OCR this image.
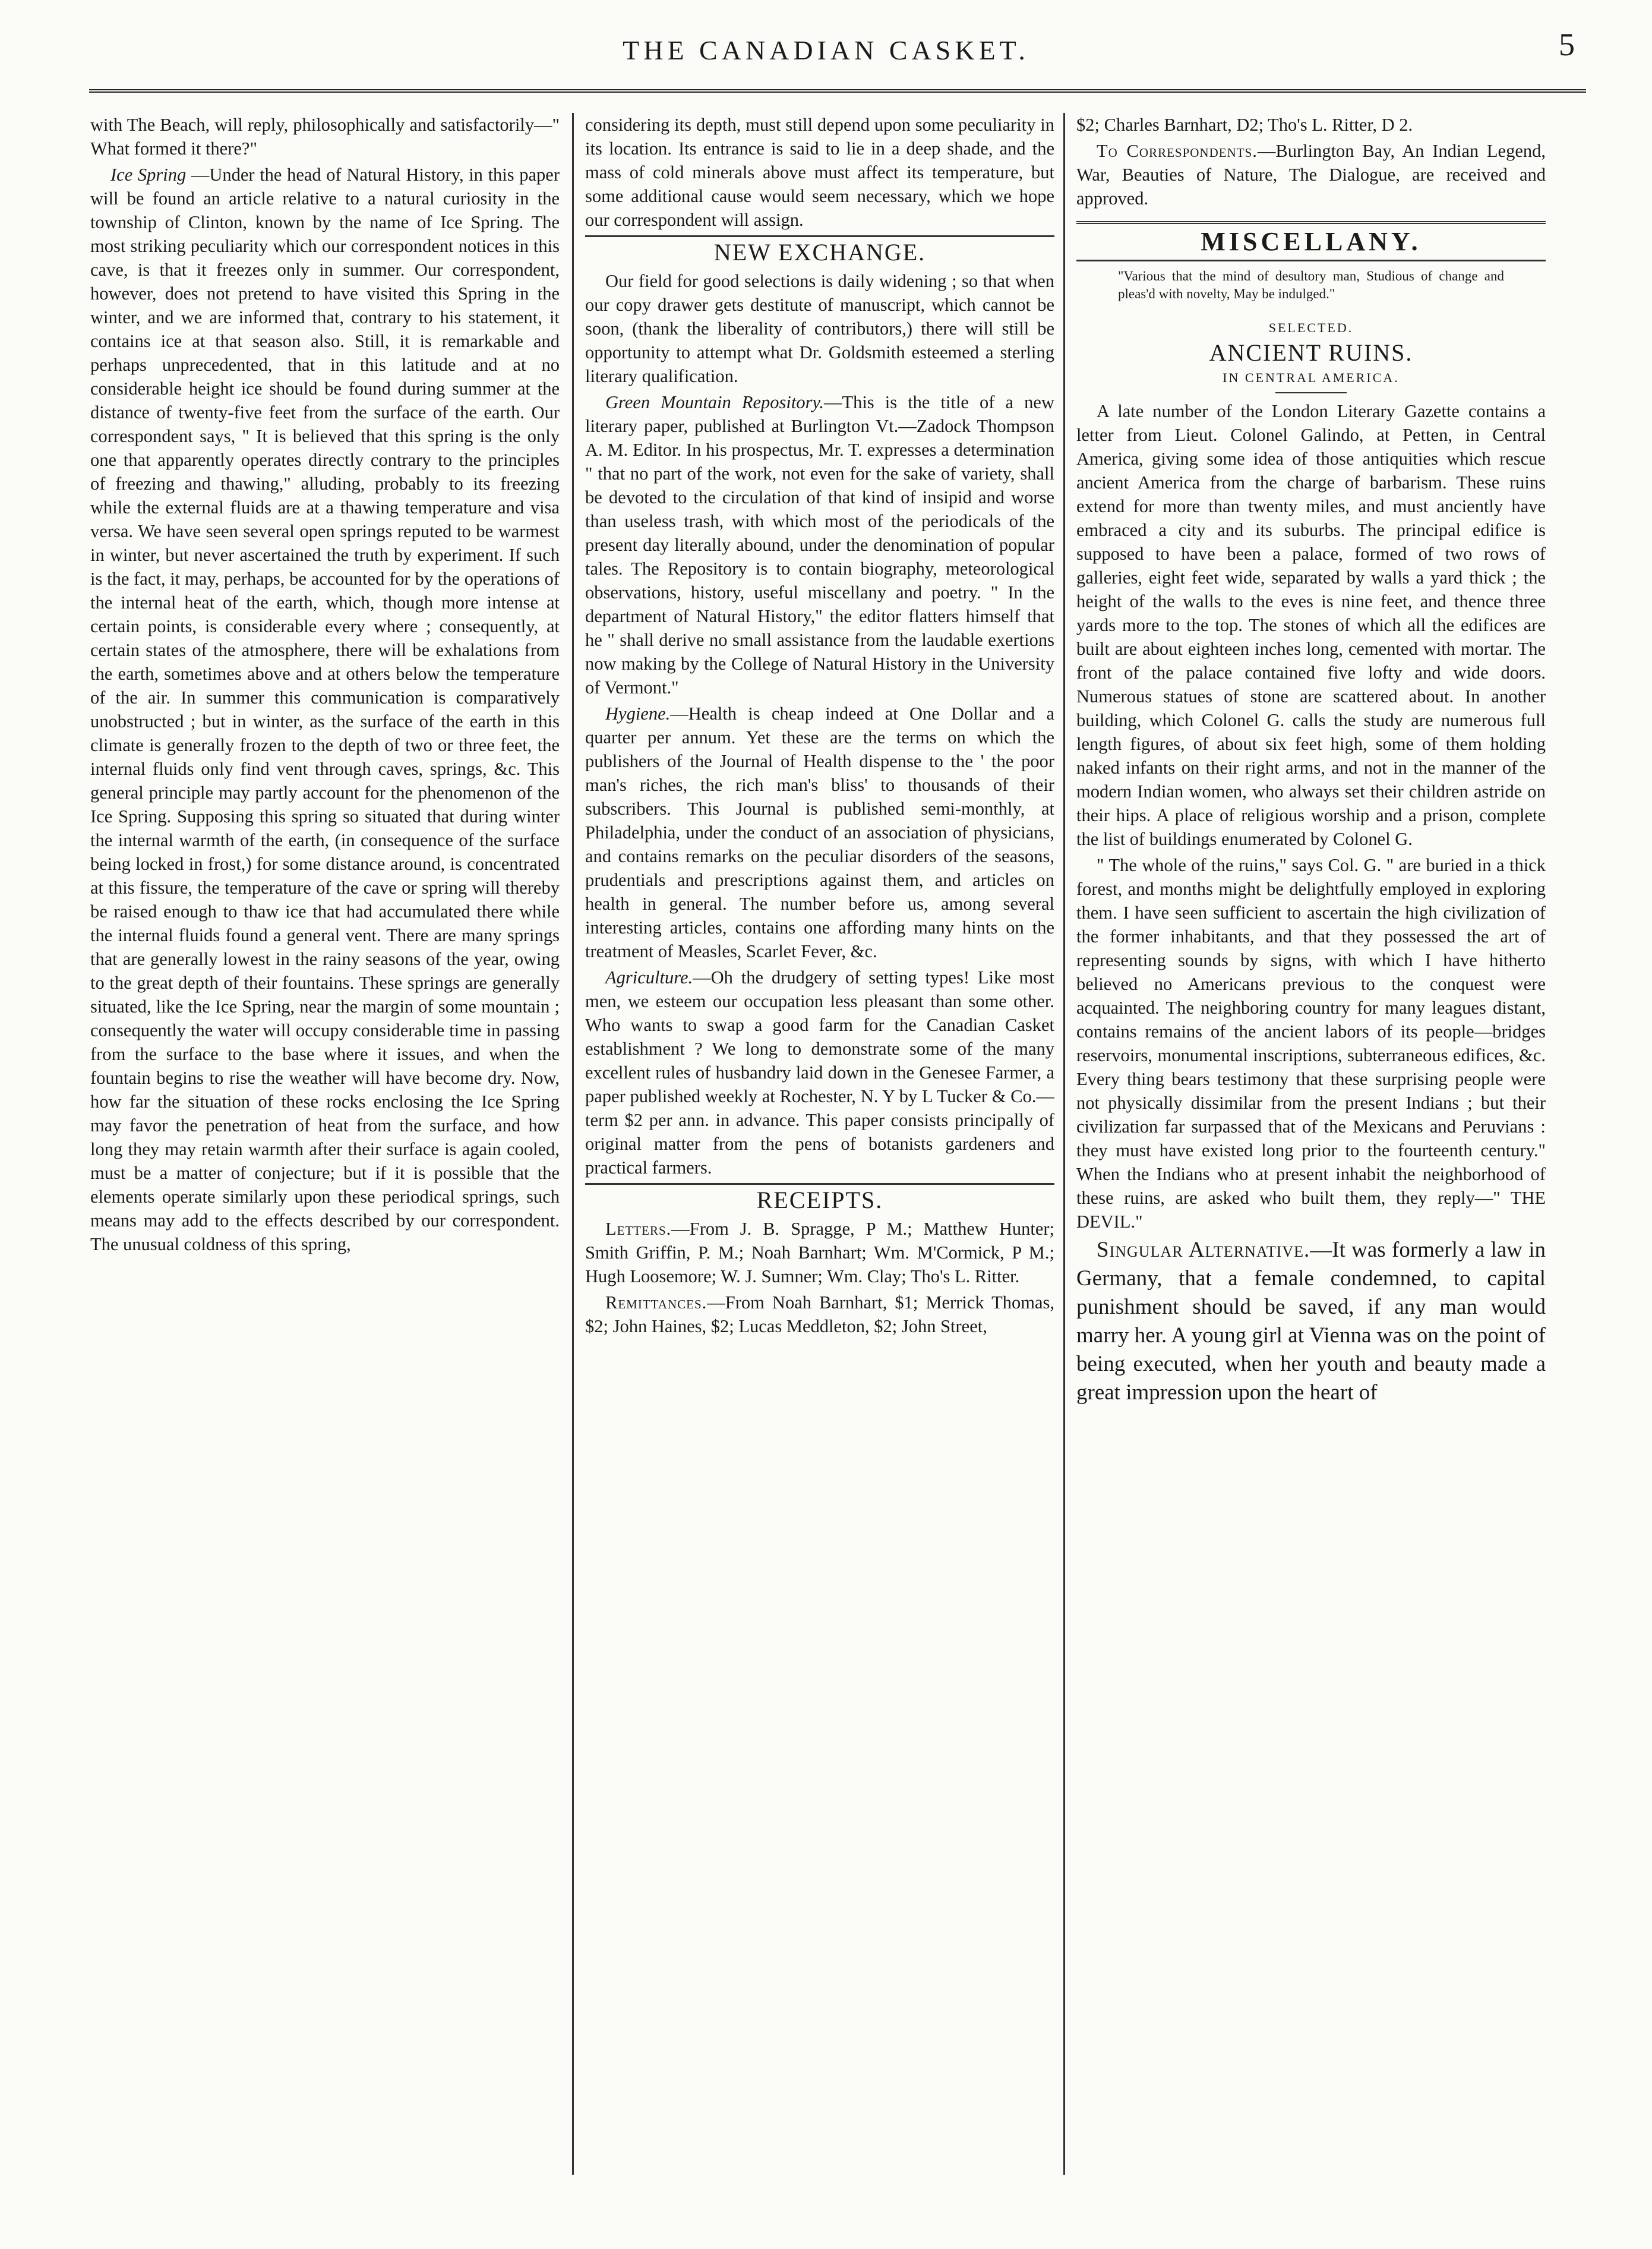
THE CANADIAN CASKET.	5

with The Beach, will reply, philosophically and satisfactorily—" What formed it there?"

Ice Spring —Under the head of Natural History, in this paper will be found an article relative to a natural curiosity in the township of Clinton, known by the name of Ice Spring. The most striking peculiarity which our correspondent notices in this cave, is that it freezes only in summer. Our correspondent, however, does not pretend to have visited this Spring in the winter, and we are informed that, contrary to his statement, it contains ice at that season also. Still, it is remarkable and perhaps unprecedented, that in this latitude and at no considerable height ice should be found during summer at the distance of twenty-five feet from the surface of the earth. Our correspondent says, " It is believed that this spring is the only one that apparently operates directly contrary to the principles of freezing and thawing," alluding, probably to its freezing while the external fluids are at a thawing temperature and visa versa. We have seen several open springs reputed to be warmest in winter, but never ascertained the truth by experiment. If such is the fact, it may, perhaps, be accounted for by the operations of the internal heat of the earth, which, though more intense at certain points, is considerable every where ; consequently, at certain states of the atmosphere, there will be exhalations from the earth, sometimes above and at others below the temperature of the air. In summer this communication is comparatively unobstructed ; but in winter, as the surface of the earth in this climate is generally frozen to the depth of two or three feet, the internal fluids only find vent through caves, springs, &c. This general principle may partly account for the phenomenon of the Ice Spring. Supposing this spring so situated that during winter the internal warmth of the earth, (in consequence of the surface being locked in frost,) for some distance around, is concentrated at this fissure, the temperature of the cave or spring will thereby be raised enough to thaw ice that had accumulated there while the internal fluids found a general vent. There are many springs that are generally lowest in the rainy seasons of the year, owing to the great depth of their fountains. These springs are generally situated, like the Ice Spring, near the margin of some mountain ; consequently the water will occupy considerable time in passing from the surface to the base where it issues, and when the fountain begins to rise the weather will have become dry. Now, how far the situation of these rocks enclosing the Ice Spring may favor the penetration of heat from the surface, and how long they may retain warmth after their surface is again cooled, must be a matter of conjecture; but if it is possible that the elements operate similarly upon these periodical springs, such means may add to the effects described by our correspondent. The unusual coldness of this spring,

considering its depth, must still depend upon some peculiarity in its location. Its entrance is said to lie in a deep shade, and the mass of cold minerals above must affect its temperature, but some additional cause would seem necessary, which we hope our correspondent will assign.

NEW EXCHANGE.

Our field for good selections is daily widening ; so that when our copy drawer gets destitute of manuscript, which cannot be soon, (thank the liberality of contributors,) there will still be opportunity to attempt what Dr. Goldsmith esteemed a sterling literary qualification.

Green Mountain Repository.—This is the title of a new literary paper, published at Burlington Vt.—Zadock Thompson A. M. Editor. In his prospectus, Mr. T. expresses a determination " that no part of the work, not even for the sake of variety, shall be devoted to the circulation of that kind of insipid and worse than useless trash, with which most of the periodicals of the present day literally abound, under the denomination of popular tales. The Repository is to contain biography, meteorological observations, history, useful miscellany and poetry. " In the department of Natural History," the editor flatters himself that he " shall derive no small assistance from the laudable exertions now making by the College of Natural History in the University of Vermont."

Hygiene.—Health is cheap indeed at One Dollar and a quarter per annum. Yet these are the terms on which the publishers of the Journal of Health dispense to the ' the poor man's riches, the rich man's bliss' to thousands of their subscribers. This Journal is published semi-monthly, at Philadelphia, under the conduct of an association of physicians, and contains remarks on the peculiar disorders of the seasons, prudentials and prescriptions against them, and articles on health in general. The number before us, among several interesting articles, contains one affording many hints on the treatment of Measles, Scarlet Fever, &c.

Agriculture.—Oh the drudgery of setting types! Like most men, we esteem our occupation less pleasant than some other. Who wants to swap a good farm for the Canadian Casket establishment ? We long to demonstrate some of the many excellent rules of husbandry laid down in the Genesee Farmer, a paper published weekly at Rochester, N. Y by L Tucker & Co.—term $2 per ann. in advance. This paper consists principally of original matter from the pens of botanists gardeners and practical farmers.

RECEIPTS.

Letters.—From J. B. Spragge, P M.; Matthew Hunter; Smith Griffin, P. M.; Noah Barnhart; Wm. M'Cormick, P M.; Hugh Loosemore; W. J. Sumner; Wm. Clay; Tho's L. Ritter.

Remittances.—From Noah Barnhart, $1; Merrick Thomas, $2; John Haines, $2; Lucas Meddleton, $2; John Street,

$2; Charles Barnhart, D2; Tho's L. Ritter, D 2.

To Correspondents.—Burlington Bay, An Indian Legend, War, Beauties of Nature, The Dialogue, are received and approved.

MISCELLANY.

"Various that the mind of desultory man, Studious of change and pleas'd with novelty, May be indulged."

SELECTED.

ANCIENT RUINS.

IN CENTRAL AMERICA.

A late number of the London Literary Gazette contains a letter from Lieut. Colonel Galindo, at Petten, in Central America, giving some idea of those antiquities which rescue ancient America from the charge of barbarism. These ruins extend for more than twenty miles, and must anciently have embraced a city and its suburbs. The principal edifice is supposed to have been a palace, formed of two rows of galleries, eight feet wide, separated by walls a yard thick ; the height of the walls to the eves is nine feet, and thence three yards more to the top. The stones of which all the edifices are built are about eighteen inches long, cemented with mortar. The front of the palace contained five lofty and wide doors. Numerous statues of stone are scattered about. In another building, which Colonel G. calls the study are numerous full length figures, of about six feet high, some of them holding naked infants on their right arms, and not in the manner of the modern Indian women, who always set their children astride on their hips. A place of religious worship and a prison, complete the list of buildings enumerated by Colonel G.

" The whole of the ruins," says Col. G. " are buried in a thick forest, and months might be delightfully employed in exploring them. I have seen sufficient to ascertain the high civilization of the former inhabitants, and that they possessed the art of representing sounds by signs, with which I have hitherto believed no Americans previous to the conquest were acquainted. The neighboring country for many leagues distant, contains remains of the ancient labors of its people—bridges reservoirs, monumental inscriptions, subterraneous edifices, &c. Every thing bears testimony that these surprising people were not physically dissimilar from the present Indians ; but their civilization far surpassed that of the Mexicans and Peruvians : they must have existed long prior to the fourteenth century." When the Indians who at present inhabit the neighborhood of these ruins, are asked who built them, they reply—" THE DEVIL."

Singular Alternative.—It was formerly a law in Germany, that a female condemned, to capital punishment should be saved, if any man would marry her. A young girl at Vienna was on the point of being executed, when her youth and beauty made a great impression upon the heart of
